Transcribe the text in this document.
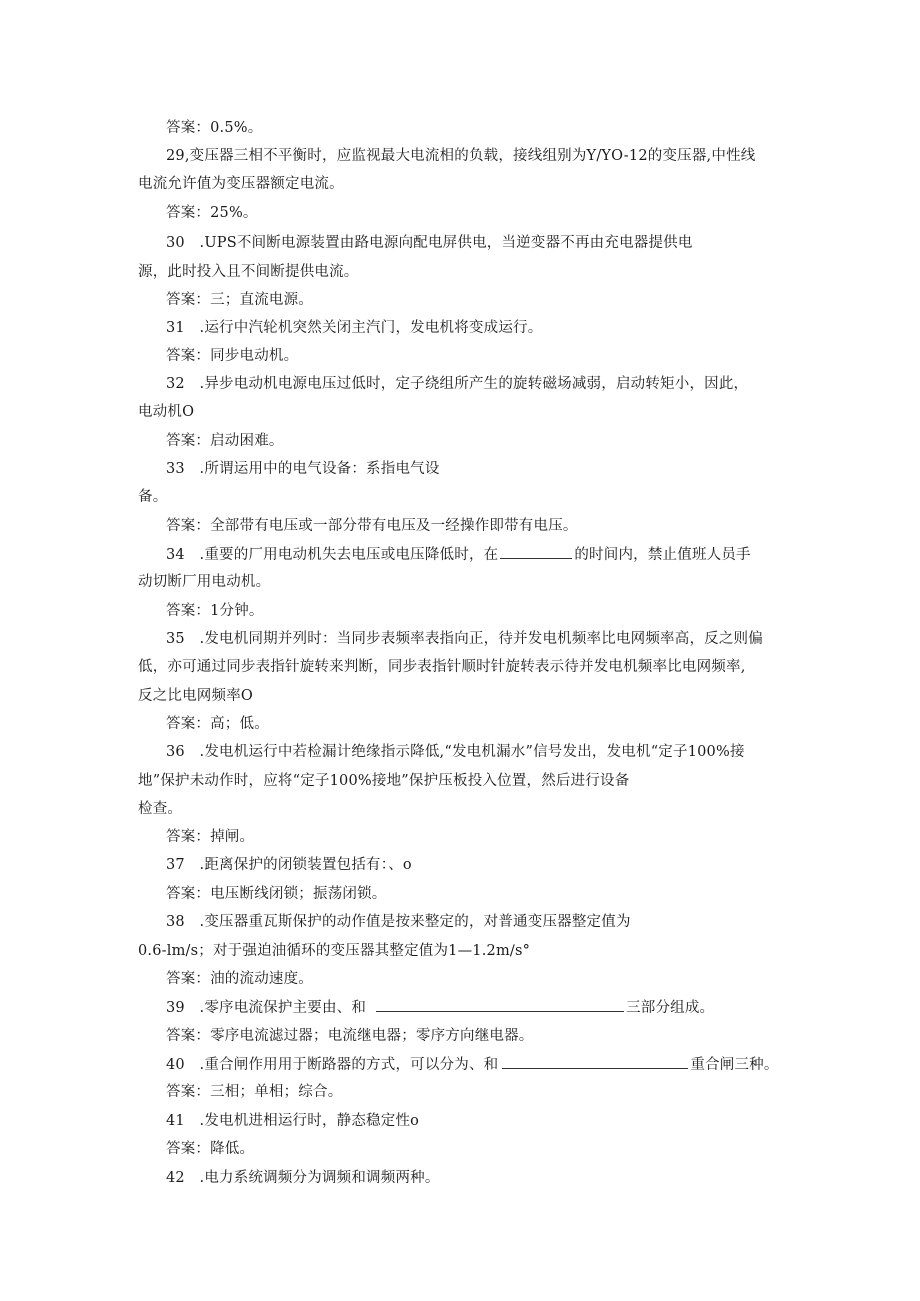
答案：0.5%。
29,变压器三相不平衡时，应监视最大电流相的负载，接线组别为Y/YO-12的变压器,中性线
电流允许值为变压器额定电流。
答案：25%。
30　.UPS不间断电源装置由路电源向配电屏供电，当逆变器不再由充电器提供电
源，此时投入且不间断提供电流。
答案：三；直流电源。
31　.运行中汽轮机突然关闭主汽门，发电机将变成运行。
答案：同步电动机。
32　.异步电动机电源电压过低时，定子绕组所产生的旋转磁场减弱，启动转矩小，因此，
电动机O
答案：启动困难。
33　.所谓运用中的电气设备：系指电气设
备。
答案：全部带有电压或一部分带有电压及一经操作即带有电压。
34　.重要的厂用电动机失去电压或电压降低时，在	的时间内，禁止值班人员手
动切断厂用电动机。
答案：1分钟。
35　.发电机同期并列时：当同步表频率表指向正，待并发电机频率比电网频率高，反之则偏
低，亦可通过同步表指针旋转来判断，同步表指针顺时针旋转表示待并发电机频率比电网频率,
反之比电网频率O
答案：高；低。
36　.发电机运行中若检漏计绝缘指示降低,“发电机漏水”信号发出，发电机“定子100%接
地”保护未动作时，应将“定子100%接地”保护压板投入位置，然后进行设备
检查。
答案：掉闸。
37　.距离保护的闭锁装置包括有：、o
答案：电压断线闭锁；振荡闭锁。
38　.变压器重瓦斯保护的动作值是按来整定的，对普通变压器整定值为
0.6-lm/s；对于强迫油循环的变压器其整定值为1—1.2m∕s°
答案：油的流动速度。
39　.零序电流保护主要由、和	三部分组成。
答案：零序电流滤过器；电流继电器；零序方向继电器。
40　.重合闸作用用于断路器的方式，可以分为、和	重合闸三种。
答案：三相；单相；综合。
41　.发电机进相运行时，静态稳定性o
答案：降低。
42　.电力系统调频分为调频和调频两种。
